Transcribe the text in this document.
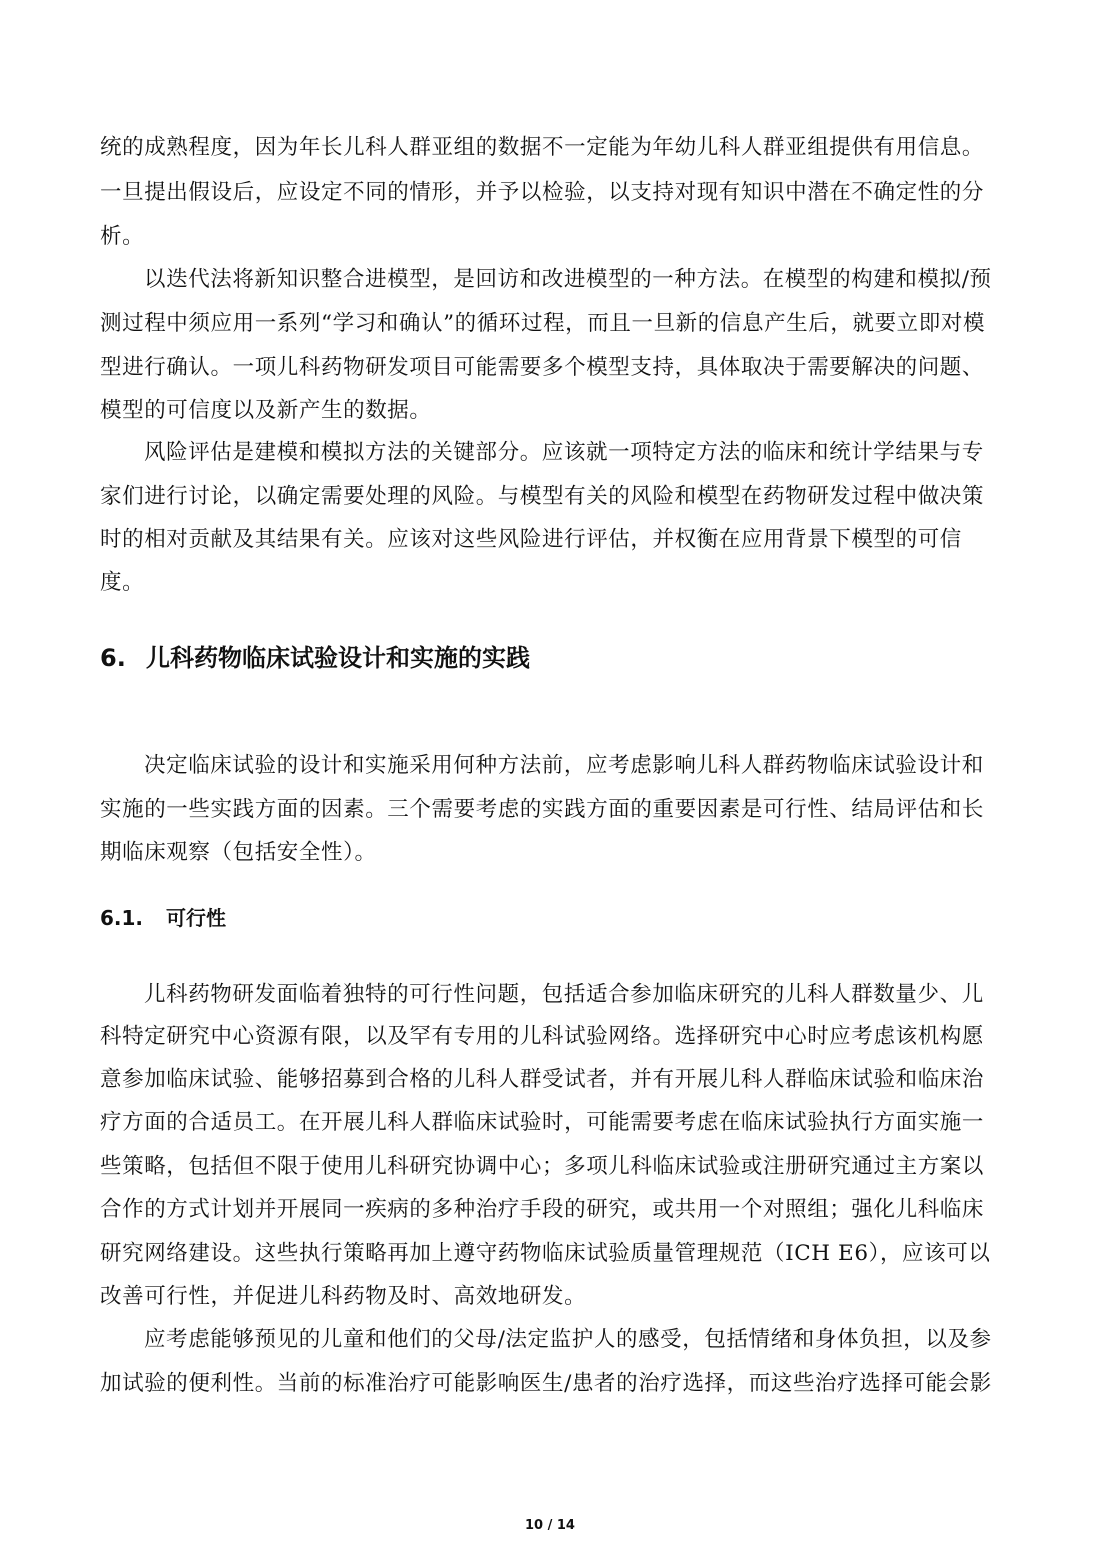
统的成熟程度，因为年长儿科人群亚组的数据不一定能为年幼儿科人群亚组提供有用信息。
一旦提出假设后，应设定不同的情形，并予以检验，以支持对现有知识中潜在不确定性的分
析。
以迭代法将新知识整合进模型，是回访和改进模型的一种方法。在模型的构建和模拟/预
测过程中须应用一系列“学习和确认”的循环过程，而且一旦新的信息产生后，就要立即对模
型进行确认。一项儿科药物研发项目可能需要多个模型支持，具体取决于需要解决的问题、
模型的可信度以及新产生的数据。
风险评估是建模和模拟方法的关键部分。应该就一项特定方法的临床和统计学结果与专
家们进行讨论，以确定需要处理的风险。与模型有关的风险和模型在药物研发过程中做决策
时的相对贡献及其结果有关。应该对这些风险进行评估，并权衡在应用背景下模型的可信
度。
6. 儿科药物临床试验设计和实施的实践
决定临床试验的设计和实施采用何种方法前，应考虑影响儿科人群药物临床试验设计和
实施的一些实践方面的因素。三个需要考虑的实践方面的重要因素是可行性、结局评估和长
期临床观察（包括安全性）。
6.1. 可行性
儿科药物研发面临着独特的可行性问题，包括适合参加临床研究的儿科人群数量少、儿
科特定研究中心资源有限，以及罕有专用的儿科试验网络。选择研究中心时应考虑该机构愿
意参加临床试验、能够招募到合格的儿科人群受试者，并有开展儿科人群临床试验和临床治
疗方面的合适员工。在开展儿科人群临床试验时，可能需要考虑在临床试验执行方面实施一
些策略，包括但不限于使用儿科研究协调中心；多项儿科临床试验或注册研究通过主方案以
合作的方式计划并开展同一疾病的多种治疗手段的研究，或共用一个对照组；强化儿科临床
研究网络建设。这些执行策略再加上遵守药物临床试验质量管理规范（ICH E6），应该可以
改善可行性，并促进儿科药物及时、高效地研发。
应考虑能够预见的儿童和他们的父母/法定监护人的感受，包括情绪和身体负担，以及参
加试验的便利性。当前的标准治疗可能影响医生/患者的治疗选择，而这些治疗选择可能会影
10 / 14
